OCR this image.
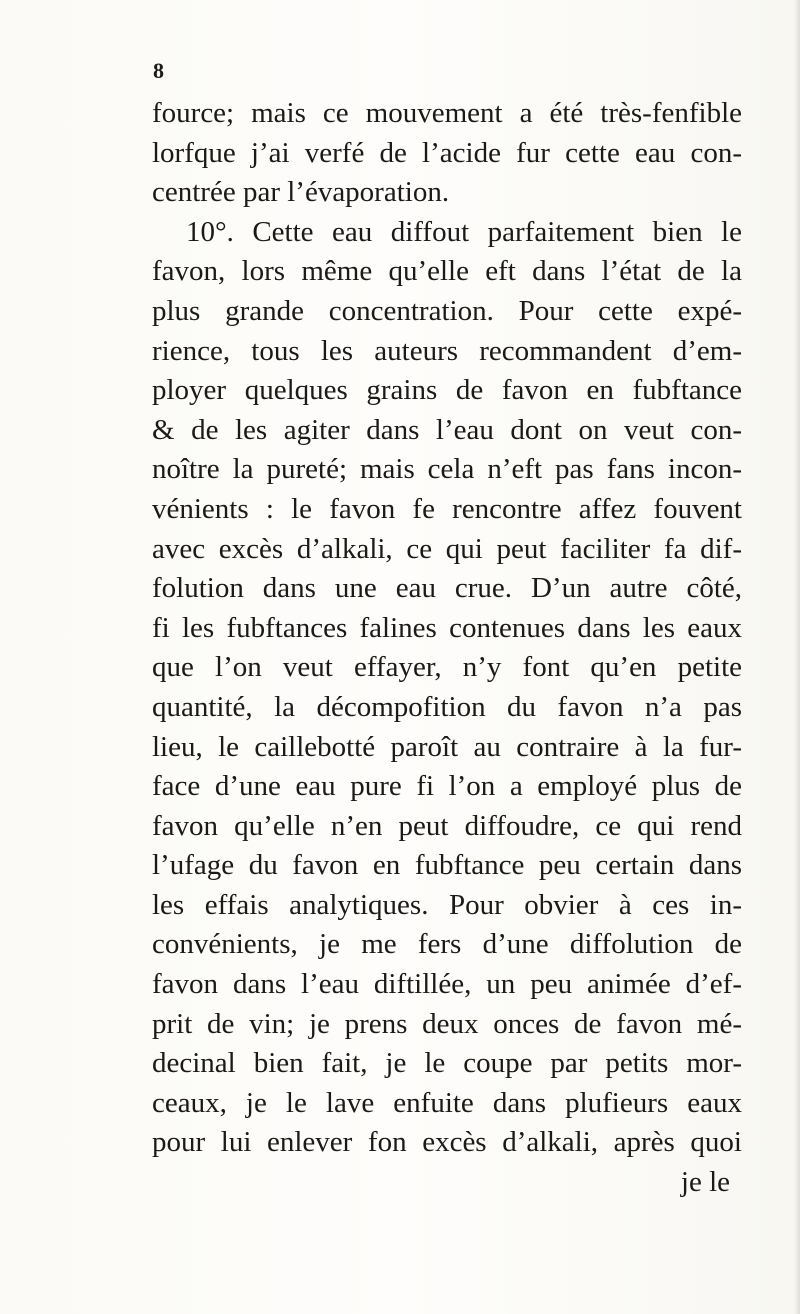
8
fource; mais ce mouvement a été très-fenfible
lorfque j’ai verfé de l’acide fur cette eau con-
centrée par l’évaporation.
10°. Cette eau diffout parfaitement bien le
favon, lors même qu’elle eft dans l’état de la
plus grande concentration. Pour cette expé-
rience, tous les auteurs recommandent d’em-
ployer quelques grains de favon en fubftance
& de les agiter dans l’eau dont on veut con-
noître la pureté; mais cela n’eft pas fans incon-
vénients : le favon fe rencontre affez fouvent
avec excès d’alkali, ce qui peut faciliter fa dif-
folution dans une eau crue. D’un autre côté,
fi les fubftances falines contenues dans les eaux
que l’on veut effayer, n’y font qu’en petite
quantité, la décompofition du favon n’a pas
lieu, le caillebotté paroît au contraire à la fur-
face d’une eau pure fi l’on a employé plus de
favon qu’elle n’en peut diffoudre, ce qui rend
l’ufage du favon en fubftance peu certain dans
les effais analytiques. Pour obvier à ces in-
convénients, je me fers d’une diffolution de
favon dans l’eau diftillée, un peu animée d’ef-
prit de vin; je prens deux onces de favon mé-
decinal bien fait, je le coupe par petits mor-
ceaux, je le lave enfuite dans plufieurs eaux
pour lui enlever fon excès d’alkali, après quoi
je le
